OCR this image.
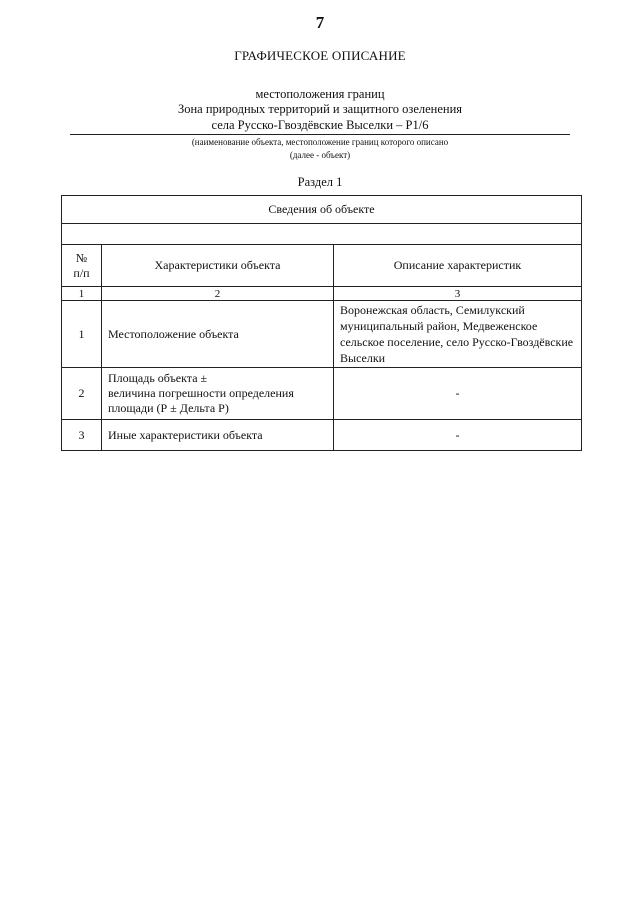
7
ГРАФИЧЕСКОЕ ОПИСАНИЕ
местоположения границ
Зона природных территорий и защитного озеленения
села Русско-Гвоздёвские Выселки – Р1/6
(наименование объекта, местоположение границ которого описано
(далее - объект)
Раздел 1
Сведения об объекте		

№
п/п	Характеристики объекта	Описание характеристик
1	2	3
1	Местоположение объекта	Воронежская область, Семилукский муниципальный район, Медвеженское сельское поселение, село Русско-Гвоздёвские Выселки
2	Площадь объекта ±
величина погрешности определения
площади (Р ± Дельта Р)	-
3	Иные характеристики объекта	-
